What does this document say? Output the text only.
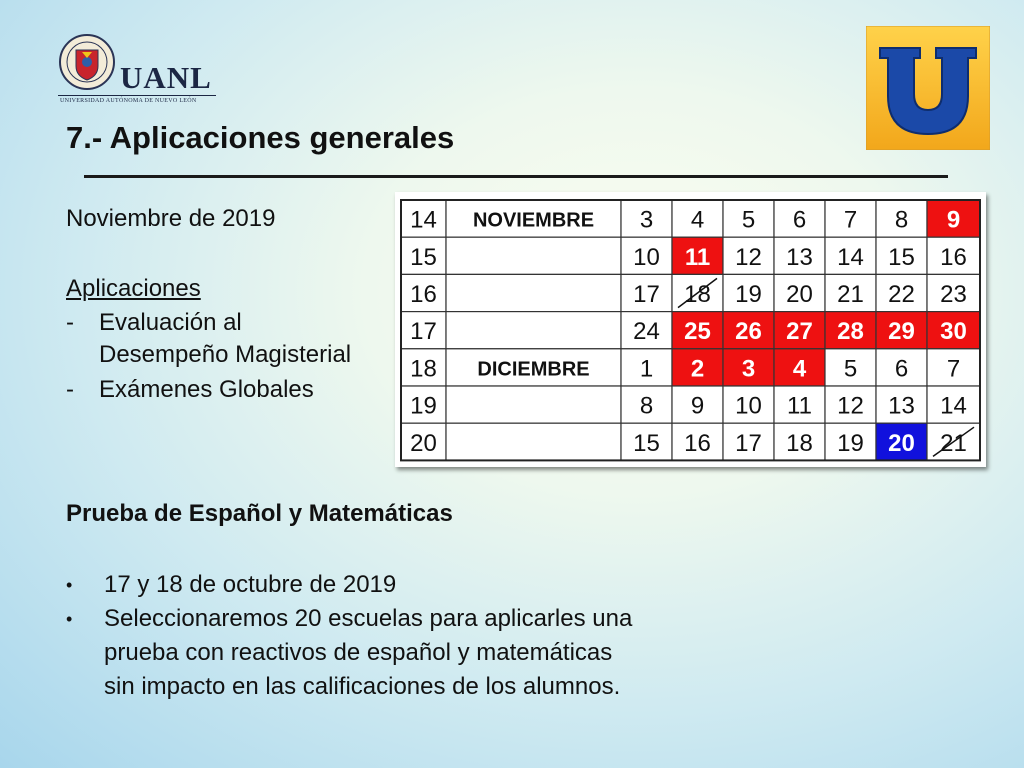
UANL
UNIVERSIDAD AUTÓNOMA DE NUEVO LEÓN
7.- Aplicaciones generales
Noviembre de 2019
Aplicaciones
- Evaluación al
Desempeño Magisterial
- Exámenes Globales
14 NOVIEMBRE 3 4 5 6 7 8 9
15	10 11 12 13 14 15 16
16	17 18 19 20 21 22 23
17	24 25 26 27 28 29 30
18 DICIEMBRE 1 2 3 4 5 6 7
19	8 9 10 11 12 13 14
20	15 16 17 18 19 20 21
Prueba de Español y Matemáticas
• 17 y 18 de octubre de 2019
• Seleccionaremos 20 escuelas para aplicarles una
prueba con reactivos de español y matemáticas
sin impacto en las calificaciones de los alumnos.
